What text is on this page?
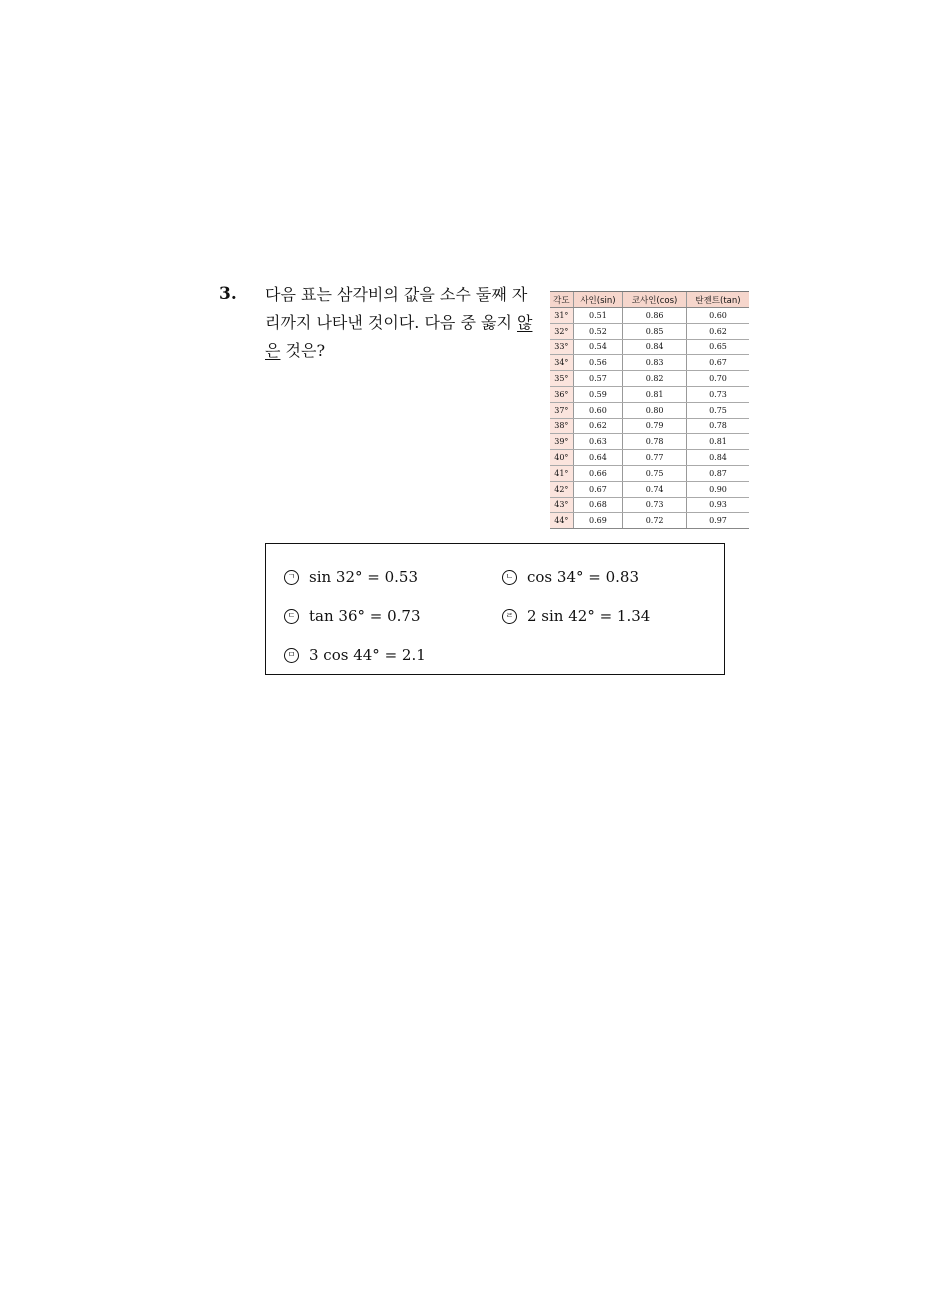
3. 다음 표는 삼각비의 값을 소수 둘째 자리까지 나타낸 것이다. 다음 중 옳지 않은 것은?
각도	사인(sin)	코사인(cos)	탄젠트(tan)
31°	0.51	0.86	0.60
32°	0.52	0.85	0.62
33°	0.54	0.84	0.65
34°	0.56	0.83	0.67
35°	0.57	0.82	0.70
36°	0.59	0.81	0.73
37°	0.60	0.80	0.75
38°	0.62	0.79	0.78
39°	0.63	0.78	0.81
40°	0.64	0.77	0.84
41°	0.66	0.75	0.87
42°	0.67	0.74	0.90
43°	0.68	0.73	0.93
44°	0.69	0.72	0.97
ㄱ sin 32° = 0.53	ㄴ cos 34° = 0.83
ㄷ tan 36° = 0.73	ㄹ 2 sin 42° = 1.34
ㅁ 3 cos 44° = 2.1
